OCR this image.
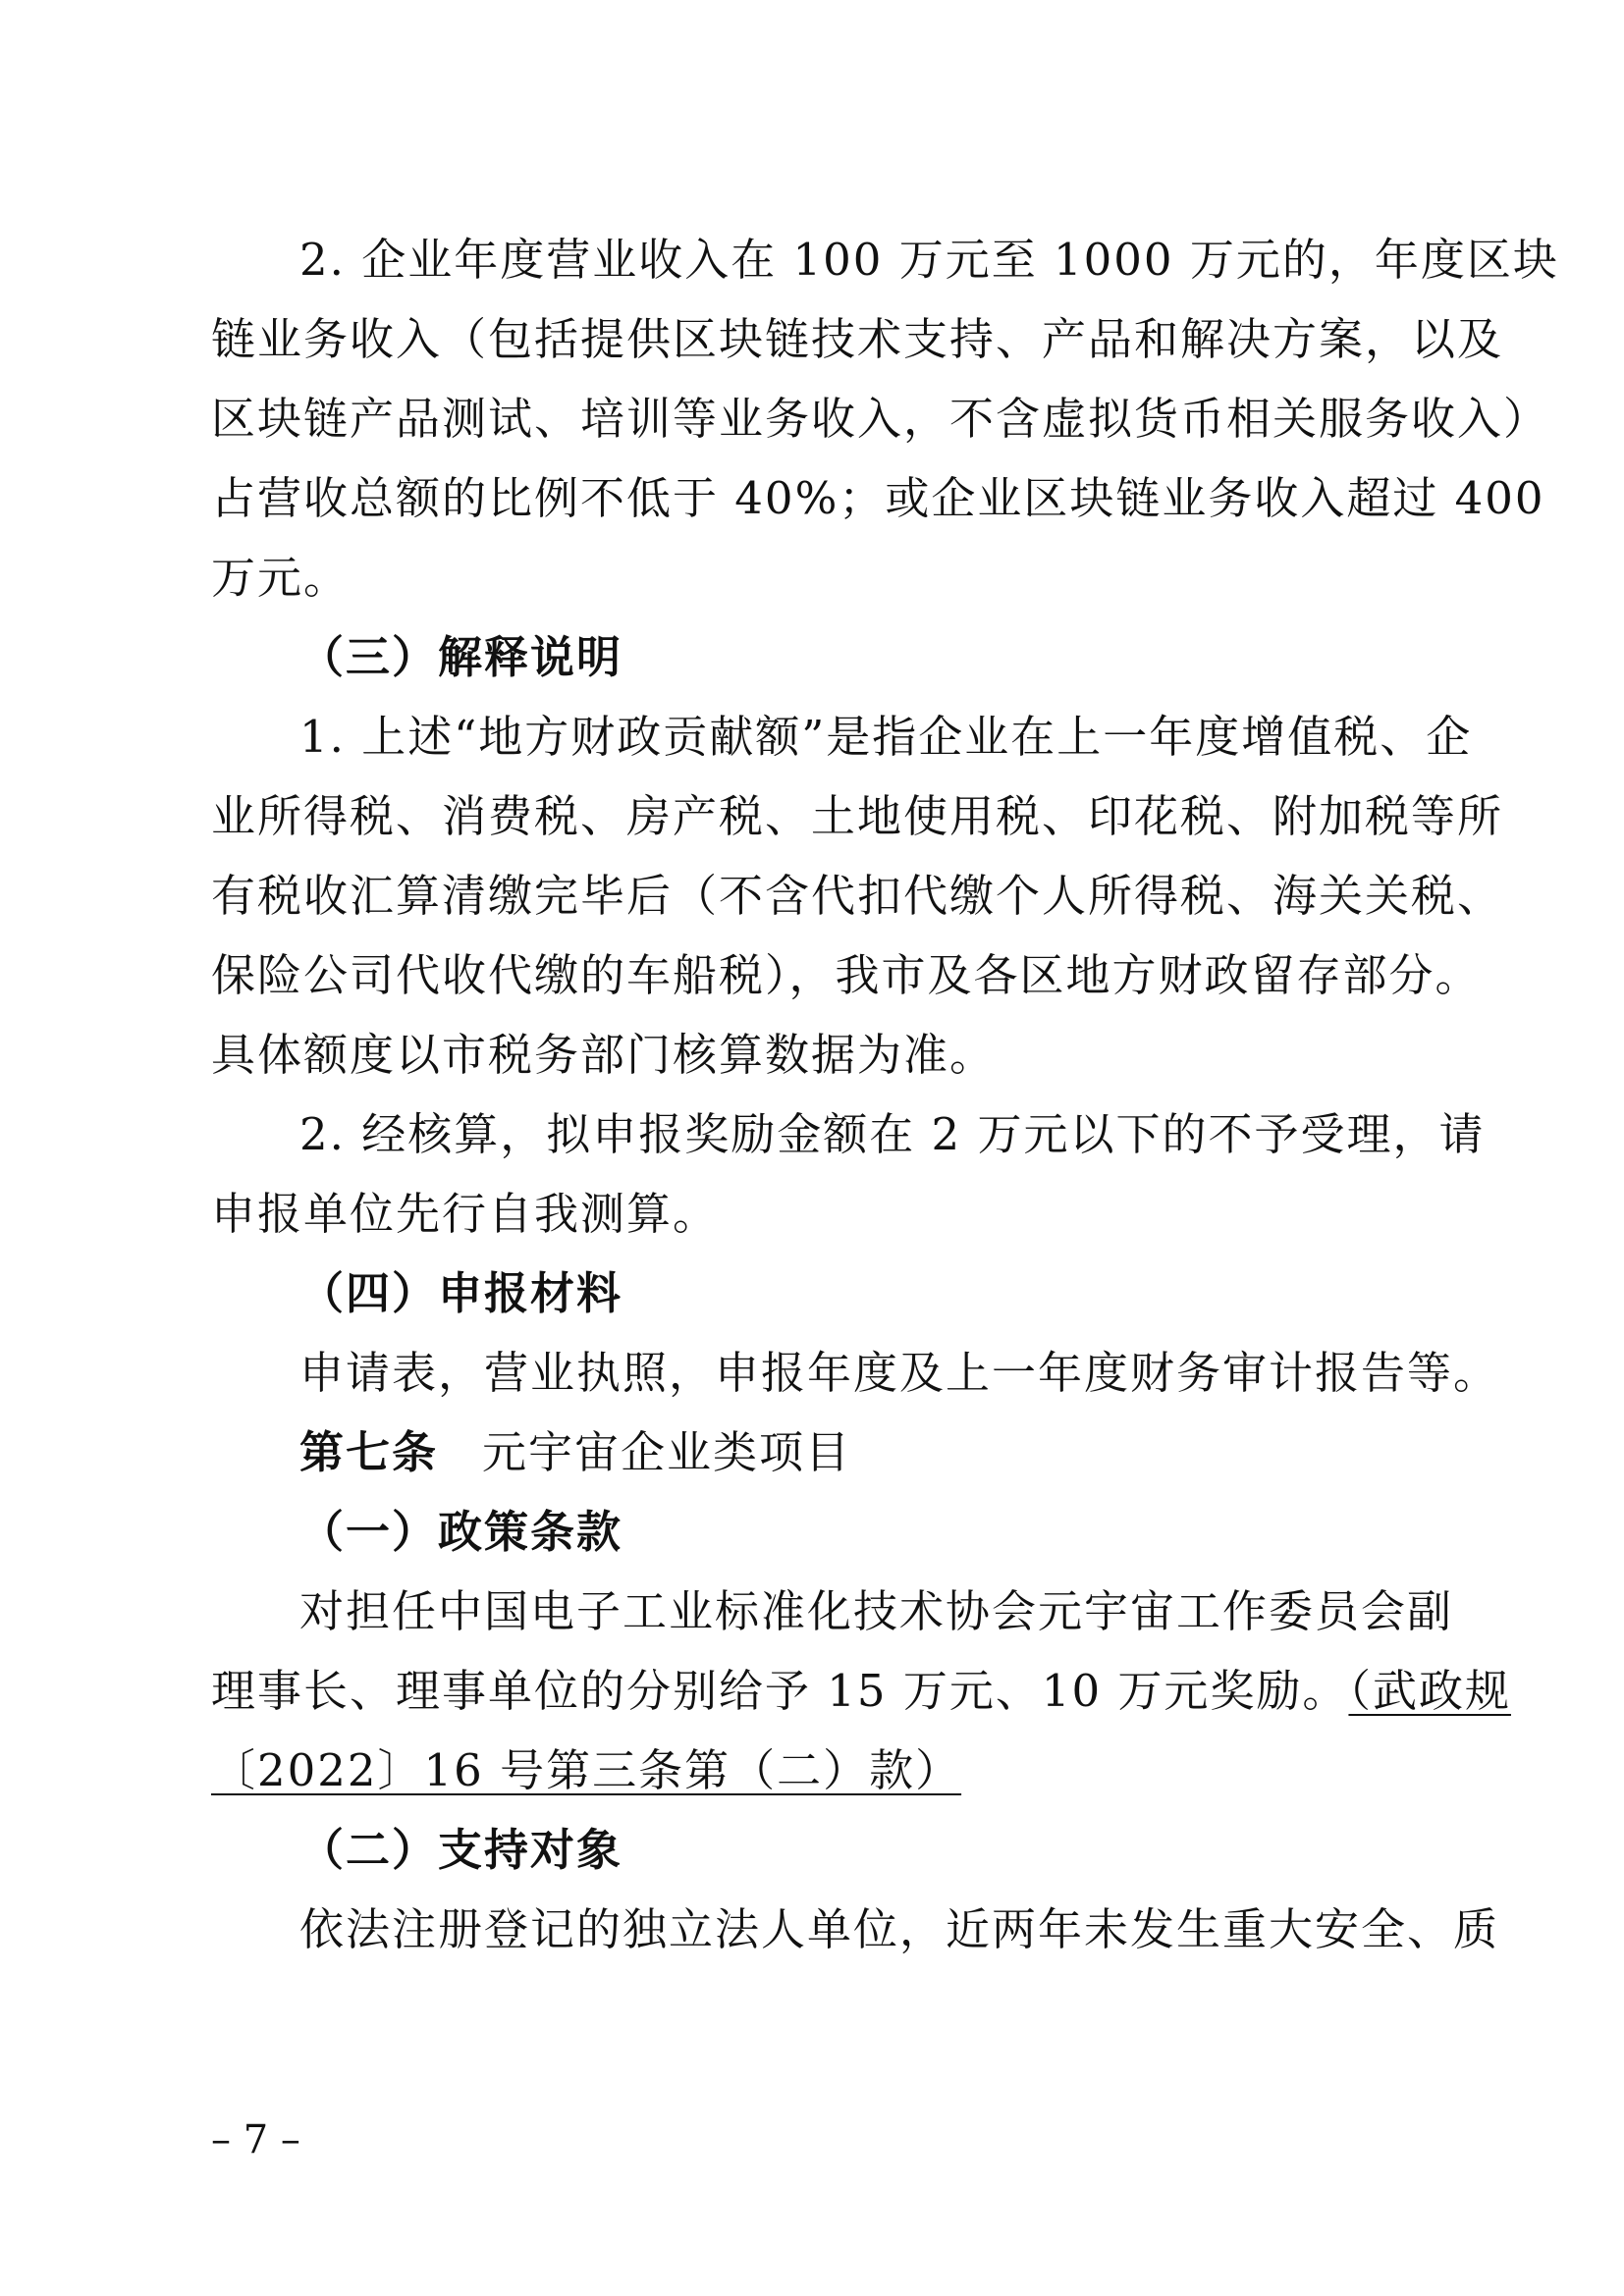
2. 企业年度营业收入在 100 万元至 1000 万元的，年度区块
链业务收入（包括提供区块链技术支持、产品和解决方案，以及
区块链产品测试、培训等业务收入，不含虚拟货币相关服务收入）
占营收总额的比例不低于 40%；或企业区块链业务收入超过 400
万元。
（三）解释说明
1. 上述“地方财政贡献额”是指企业在上一年度增值税、企
业所得税、消费税、房产税、土地使用税、印花税、附加税等所
有税收汇算清缴完毕后（不含代扣代缴个人所得税、海关关税、
保险公司代收代缴的车船税），我市及各区地方财政留存部分。
具体额度以市税务部门核算数据为准。
2. 经核算，拟申报奖励金额在 2 万元以下的不予受理，请
申报单位先行自我测算。
（四）申报材料
申请表，营业执照，申报年度及上一年度财务审计报告等。
第七条 元宇宙企业类项目
（一）政策条款
对担任中国电子工业标准化技术协会元宇宙工作委员会副
理事长、理事单位的分别给予 15 万元、10 万元奖励。（武政规
〔2022〕16 号第三条第（二）款）
（二）支持对象
依法注册登记的独立法人单位，近两年未发生重大安全、质
– 7 –
